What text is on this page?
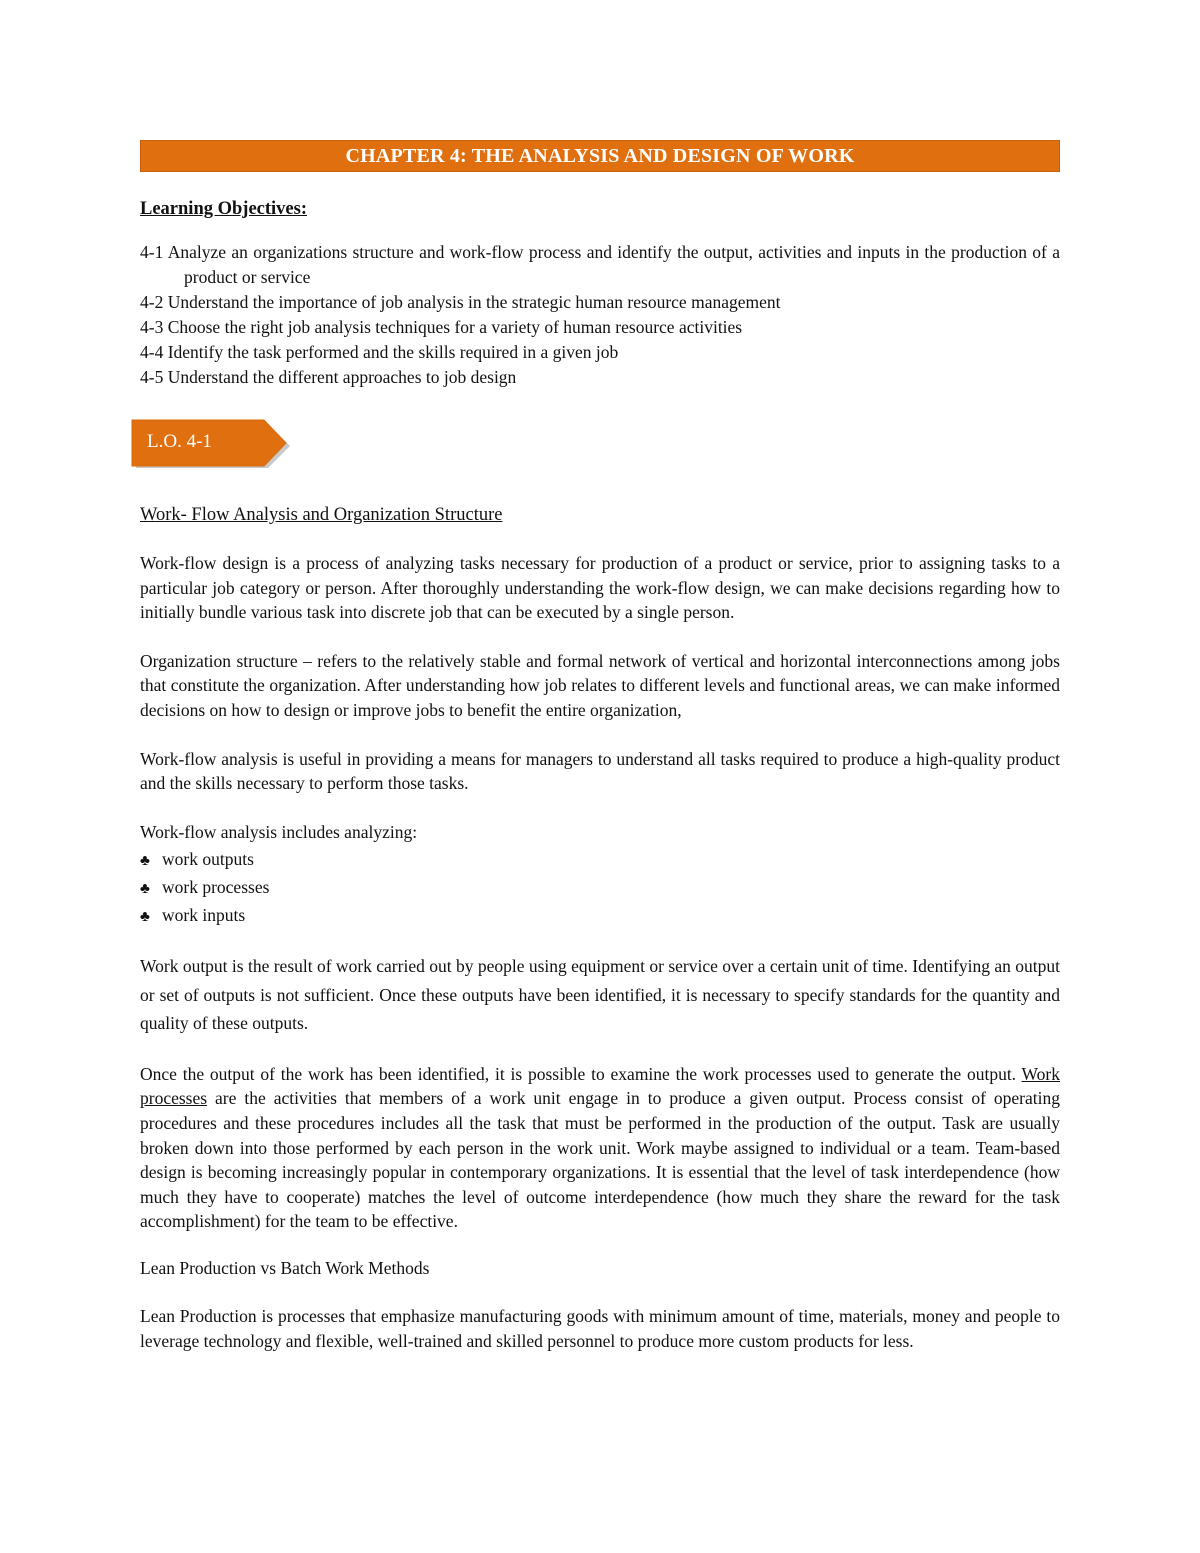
CHAPTER 4: THE ANALYSIS AND DESIGN OF WORK
Learning Objectives:
4-1 Analyze an organizations structure and work-flow process and identify the output, activities and inputs in the production of a product or service
4-2 Understand the importance of job analysis in the strategic human resource management
4-3 Choose the right job analysis techniques for a variety of human resource activities
4-4 Identify the task performed and the skills required in a given job
4-5 Understand the different approaches to job design
L.O. 4-1
Work- Flow Analysis and Organization Structure

Work-flow design is a process of analyzing tasks necessary for production of a product or service, prior to assigning tasks to a particular job category or person. After thoroughly understanding the work-flow design, we can make decisions regarding how to initially bundle various task into discrete job that can be executed by a single person.

Organization structure – refers to the relatively stable and formal network of vertical and horizontal interconnections among jobs that constitute the organization. After understanding how job relates to different levels and functional areas, we can make informed decisions on how to design or improve jobs to benefit the entire organization,

Work-flow analysis is useful in providing a means for managers to understand all tasks required to produce a high-quality product and the skills necessary to perform those tasks.

Work-flow analysis includes analyzing:

♣ work outputs
♣ work processes
♣ work inputs

Work output is the result of work carried out by people using equipment or service over a certain unit of time. Identifying an output or set of outputs is not sufficient. Once these outputs have been identified, it is necessary to specify standards for the quantity and quality of these outputs.

Once the output of the work has been identified, it is possible to examine the work processes used to generate the output. Work processes are the activities that members of a work unit engage in to produce a given output. Process consist of operating procedures and these procedures includes all the task that must be performed in the production of the output. Task are usually broken down into those performed by each person in the work unit. Work maybe assigned to individual or a team. Team-based design is becoming increasingly popular in contemporary organizations. It is essential that the level of task interdependence (how much they have to cooperate) matches the level of outcome interdependence (how much they share the reward for the task accomplishment) for the team to be effective.

Lean Production vs Batch Work Methods

Lean Production is processes that emphasize manufacturing goods with minimum amount of time, materials, money and people to leverage technology and flexible, well-trained and skilled personnel to produce more custom products for less.
